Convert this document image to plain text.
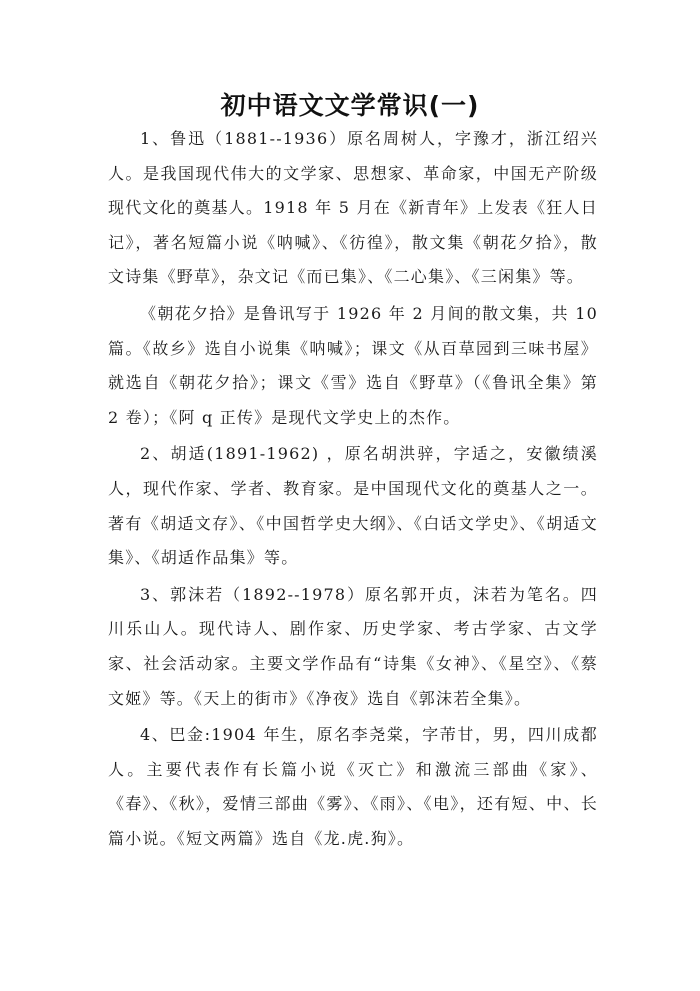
初中语文文学常识(一)

1、鲁迅（1881--1936）原名周树人，字豫才，浙江绍兴人。是我国现代伟大的文学家、思想家、革命家，中国无产阶级现代文化的奠基人。1918 年 5 月在《新青年》上发表《狂人日记》，著名短篇小说《呐喊》、《彷徨》，散文集《朝花夕拾》，散文诗集《野草》，杂文记《而已集》、《二心集》、《三闲集》等。

《朝花夕拾》是鲁讯写于 1926 年 2 月间的散文集，共 10 篇。《故乡》选自小说集《呐喊》；课文《从百草园到三味书屋》就选自《朝花夕拾》；课文《雪》选自《野草》（《鲁讯全集》第 2 卷）；《阿 q 正传》是现代文学史上的杰作。

2、胡适(1891-1962) ，原名胡洪骍，字适之，安徽绩溪人，现代作家、学者、教育家。是中国现代文化的奠基人之一。著有《胡适文存》、《中国哲学史大纲》、《白话文学史》、《胡适文集》、《胡适作品集》等。

3、郭沫若（1892--1978）原名郭开贞，沫若为笔名。四川乐山人。现代诗人、剧作家、历史学家、考古学家、古文学家、社会活动家。主要文学作品有“诗集《女神》、《星空》、《蔡文姬》等。《天上的街市》《净夜》选自《郭沫若全集》。

4、巴金:1904 年生，原名李尧棠，字芾甘，男，四川成都人。主要代表作有长篇小说《灭亡》和激流三部曲《家》、《春》、《秋》，爱情三部曲《雾》、《雨》、《电》，还有短、中、长篇小说。《短文两篇》选自《龙.虎.狗》。
